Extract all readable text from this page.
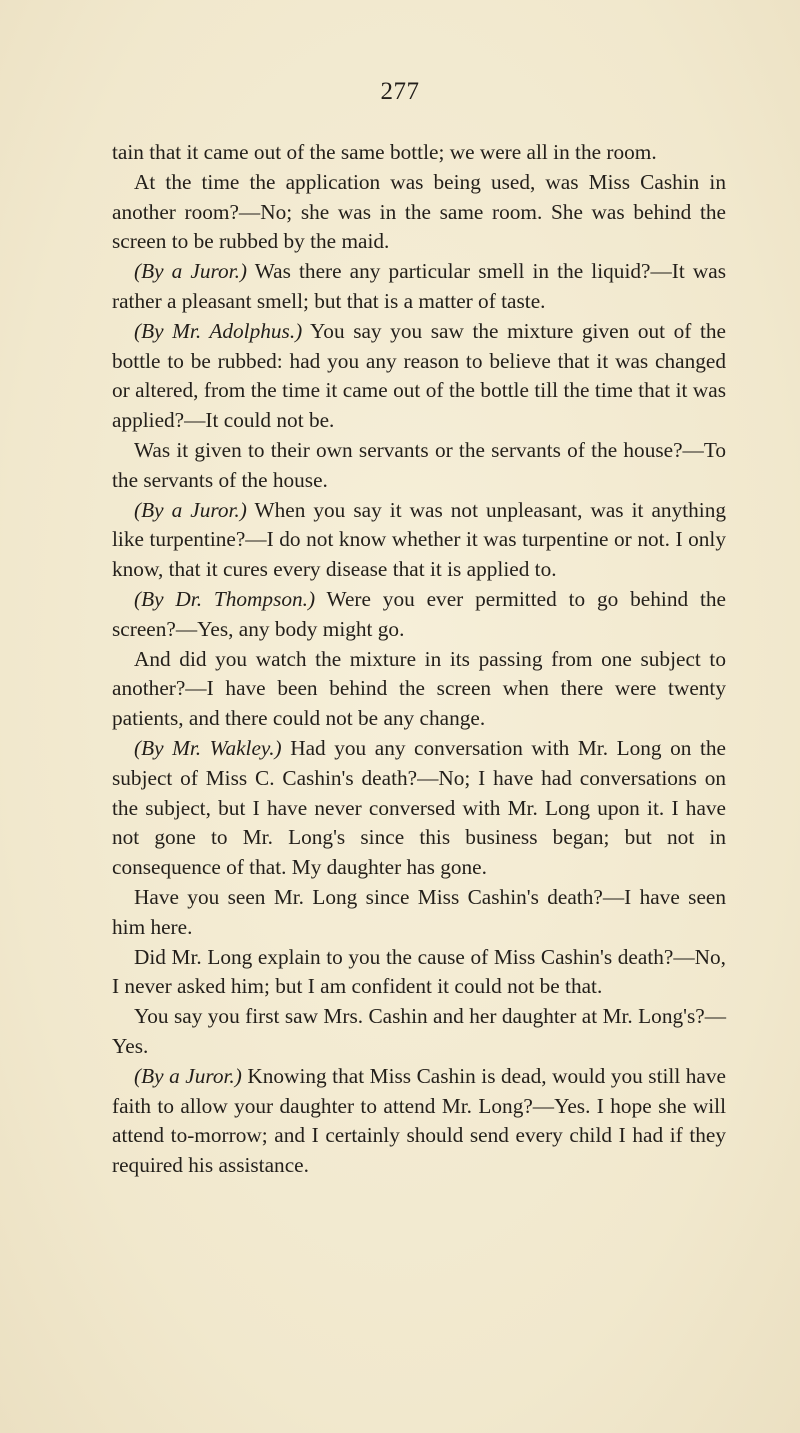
277

tain that it came out of the same bottle; we were all in the room.

At the time the application was being used, was Miss Cashin in another room?—No; she was in the same room. She was behind the screen to be rubbed by the maid.

(By a Juror.) Was there any particular smell in the liquid?—It was rather a pleasant smell; but that is a matter of taste.

(By Mr. Adolphus.) You say you saw the mixture given out of the bottle to be rubbed: had you any reason to believe that it was changed or altered, from the time it came out of the bottle till the time that it was applied?—It could not be.

Was it given to their own servants or the servants of the house?—To the servants of the house.

(By a Juror.) When you say it was not unpleasant, was it anything like turpentine?—I do not know whether it was turpentine or not. I only know, that it cures every disease that it is applied to.

(By Dr. Thompson.) Were you ever permitted to go behind the screen?—Yes, any body might go.

And did you watch the mixture in its passing from one subject to another?—I have been behind the screen when there were twenty patients, and there could not be any change.

(By Mr. Wakley.) Had you any conversation with Mr. Long on the subject of Miss C. Cashin's death?—No; I have had conversations on the subject, but I have never conversed with Mr. Long upon it. I have not gone to Mr. Long's since this business began; but not in consequence of that. My daughter has gone.

Have you seen Mr. Long since Miss Cashin's death?—I have seen him here.

Did Mr. Long explain to you the cause of Miss Cashin's death?—No, I never asked him; but I am confident it could not be that.

You say you first saw Mrs. Cashin and her daughter at Mr. Long's?—Yes.

(By a Juror.) Knowing that Miss Cashin is dead, would you still have faith to allow your daughter to attend Mr. Long?—Yes. I hope she will attend to-morrow; and I certainly should send every child I had if they required his assistance.
